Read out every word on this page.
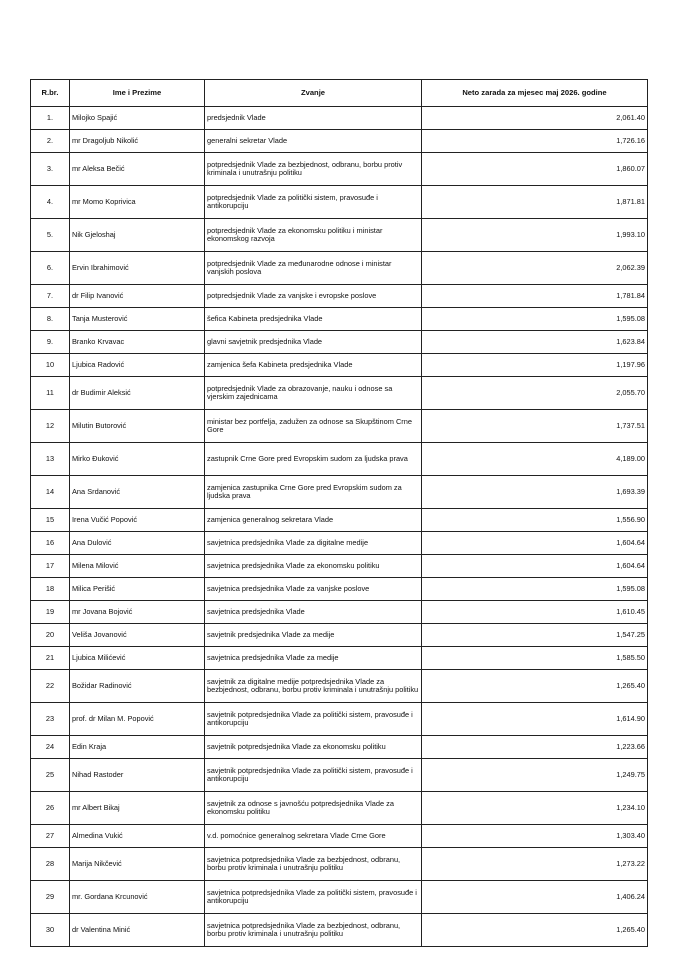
R.br.	Ime i Prezime	Zvanje	Neto zarada za mjesec maj 2026. godine
1.	Milojko Spajić	predsjednik Vlade	2,061.40
2.	mr Dragoljub Nikolić	generalni sekretar Vlade	1,726.16
3.	mr Aleksa Bečić	potpredsjednik Vlade za bezbjednost, odbranu, borbu protiv kriminala i unutrašnju politiku	1,860.07
4.	mr Momo Koprivica	potpredsjednik Vlade za politički sistem, pravosuđe i antikorupciju	1,871.81
5.	Nik Gjeloshaj	potpredsjednik Vlade za ekonomsku politiku i ministar ekonomskog razvoja	1,993.10
6.	Ervin Ibrahimović	potpredsjednik Vlade za međunarodne odnose i ministar vanjskih poslova	2,062.39
7.	dr Filip Ivanović	potpredsjednik Vlade za vanjske i evropske poslove	1,781.84
8.	Tanja Musterović	šefica Kabineta predsjednika Vlade	1,595.08
9.	Branko Krvavac	glavni savjetnik predsjednika Vlade	1,623.84
10	Ljubica Radović	zamjenica šefa Kabineta predsjednika Vlade	1,197.96
11	dr Budimir Aleksić	potpredsjednik Vlade za obrazovanje, nauku i odnose sa vjerskim zajednicama	2,055.70
12	Milutin Butorović	ministar bez portfelja, zadužen za odnose sa Skupštinom Crne Gore	1,737.51
13	Mirko Đuković	zastupnik Crne Gore pred Evropskim sudom za ljudska prava	4,189.00
14	Ana Srdanović	zamjenica zastupnika Crne Gore pred Evropskim sudom za ljudska prava	1,693.39
15	Irena Vučić Popović	zamjenica generalnog sekretara Vlade	1,556.90
16	Ana Dulović	savjetnica predsjednika Vlade za digitalne medije	1,604.64
17	Milena Milović	savjetnica predsjednika Vlade za ekonomsku politiku	1,604.64
18	Milica Perišić	savjetnica predsjednika Vlade za vanjske poslove	1,595.08
19	mr Jovana Bojović	savjetnica predsjednika Vlade	1,610.45
20	Veliša Jovanović	savjetnik predsjednika Vlade za medije	1,547.25
21	Ljubica Milićević	savjetnica predsjednika Vlade za medije	1,585.50
22	Božidar Radinović	savjetnik za digitalne medije potpredsjednika Vlade za bezbjednost, odbranu, borbu protiv kriminala i unutrašnju politiku	1,265.40
23	prof. dr Milan M. Popović	savjetnik potpredsjednika Vlade za politički sistem, pravosuđe i antikorupciju	1,614.90
24	Edin Kraja	savjetnik potpredsjednika Vlade za ekonomsku politiku	1,223.66
25	Nihad Rastoder	savjetnik potpredsjednika Vlade za politički sistem, pravosuđe i antikorupciju	1,249.75
26	mr Albert Bikaj	savjetnik za odnose s javnošću potpredsjednika Vlade za ekonomsku politiku	1,234.10
27	Almedina Vukić	v.d. pomoćnice generalnog sekretara Vlade Crne Gore	1,303.40
28	Marija Nikčević	savjetnica potpredsjednika Vlade za bezbjednost, odbranu, borbu protiv kriminala i unutrašnju politiku	1,273.22
29	mr. Gordana Krcunović	savjetnica potpredsjednika Vlade za politički sistem, pravosuđe i antikorupciju	1,406.24
30	dr Valentina Minić	savjetnica potpredsjednika Vlade za bezbjednost, odbranu, borbu protiv kriminala i unutrašnju politiku	1,265.40
